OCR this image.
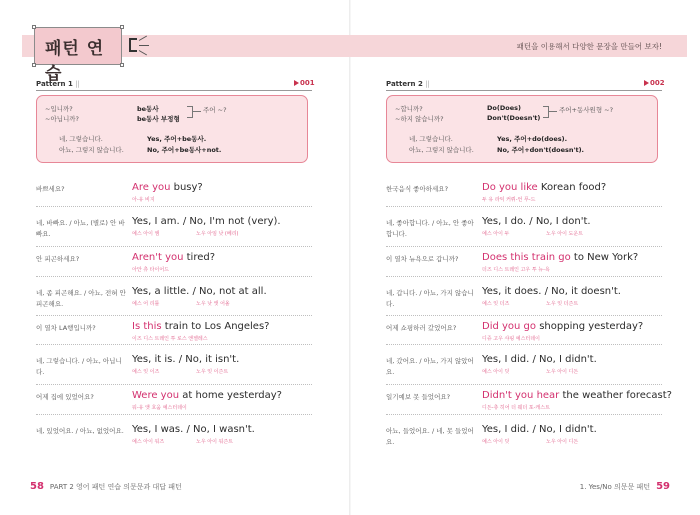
패턴 연습
패턴을 이용해서 다양한 문장을 만들어 보자!
Pattern 1 ||	001
~입니까?
~아닙니까?
be동사
be동사 부정형
주어 ~?
네, 그렇습니다.
아뇨, 그렇지 않습니다.
Yes, 주어+be동사.
No, 주어+be동사+not.
바쁘세요?	Are you busy?
아-유 비지
네, 바빠요. / 아뇨, (별로) 안 바빠요.
Yes, I am. / No, I'm not (very).
예스 아이 앰	노우 아임 낫 (베리)
안 피곤하세요?	Aren't you tired?
아안 츄 타이어드
네, 좀 피곤해요. / 아뇨, 전혀 안 피곤해요.
Yes, a little. / No, not at all.
예스 어 리틀	노우 낫 앳 어올
이 열차 LA행입니까?	Is this train to Los Angeles?
이즈 디스 트레인 투 로스 앤젤레스
네, 그렇습니다. / 아뇨, 아닙니다.
Yes, it is. / No, it isn't.
예스 잇 이즈	노우 잇 이즌트
어제 집에 있었어요?	Were you at home yesterday?
워-유 앳 호움 예스터데이
네, 있었어요. / 아뇨, 없었어요. Yes, I was. / No, I wasn't.
예스 아이 워즈	노우 아이 워즌트
Pattern 2 ||	002
~합니까?
~하지 않습니까?
Do(Does)
Don't(Doesn't)
주어+동사원형 ~?
네, 그렇습니다.
아뇨, 그렇지 않습니다.
Yes, 주어+do(does).
No, 주어+don't(doesn't).
한국음식 좋아하세요?	Do you like Korean food?
두 유 라익 커뤼-언 푸-드
네, 좋아합니다. / 아뇨, 안 좋아합니다.
Yes, I do. / No, I don't.
예스 아이 두	노우 아이 도운트
이 열차 뉴욕으로 갑니까?	Does this train go to New York?
더즈 디스 트레인 고우 투 뉴-욕
네, 갑니다. / 아뇨, 가지 않습니다.
Yes, it does. / No, it doesn't.
예스 잇 더즈	노우 잇 더즌트
어제 쇼핑하러 갔었어요?	Did you go shopping yesterday?
디쥬 고우 샤핑 예스터데이
네, 갔어요. / 아뇨, 가지 않았어요.
Yes, I did. / No, I didn't.
예스 아이 딧	노우 아이 디든
일기예보 못 들었어요?	Didn't you hear the weather forecast?
디든-츄 히어 더 웨더 포-캐스트
아뇨, 들었어요. / 네, 못 들었어요.
Yes, I did. / No, I didn't.
예스 아이 딧	노우 아이 디든
58 PART 2 영어 패턴 연습 의문문과 대답 패턴	1. Yes/No 의문문 패턴 59
